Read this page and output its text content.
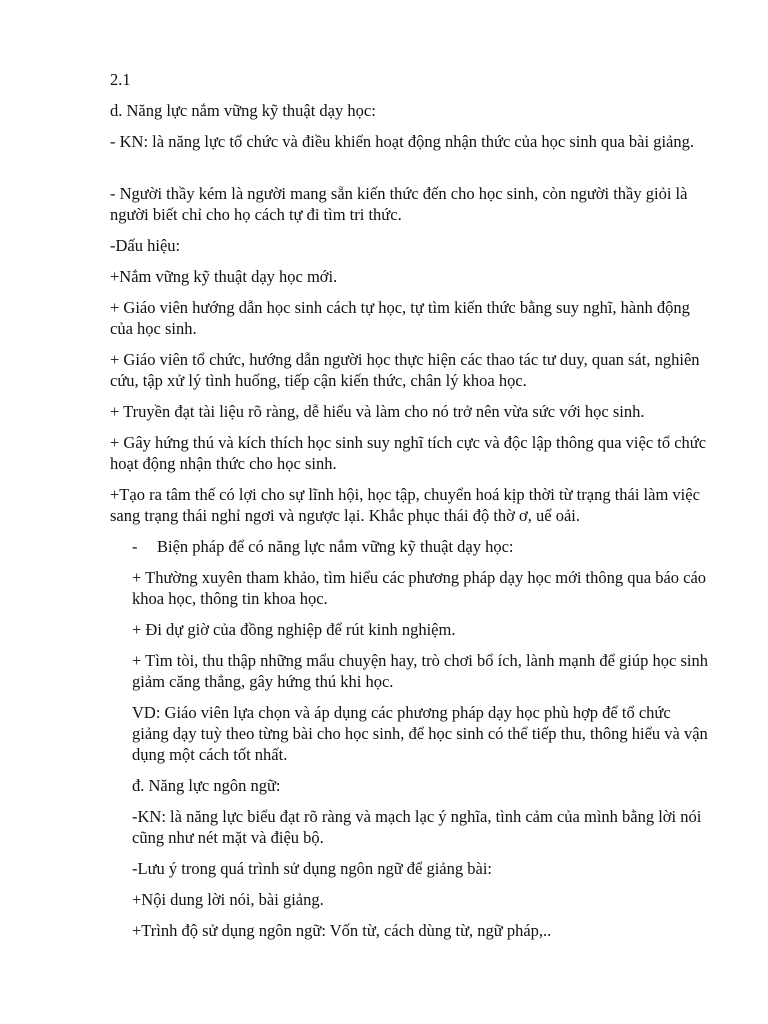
2.1

d. Năng lực nắm vững kỹ thuật dạy học:

- KN: là năng lực tổ chức và điều khiển hoạt động nhận thức của học sinh qua bài giảng.

- Người thầy kém là người mang sẵn kiến thức đến cho học sinh, còn người thầy giỏi là người biết chỉ cho họ cách tự đi tìm tri thức.

-Dấu hiệu:

+Nắm vững kỹ thuật dạy học mới.

+ Giáo viên hướng dẫn học sinh cách tự học, tự tìm kiến thức bằng suy nghĩ, hành động của học sinh.

+ Giáo viên tổ chức, hướng dẫn người học thực hiện các thao tác tư duy, quan sát, nghiên cứu, tập xử lý tình huống, tiếp cận kiến thức, chân lý khoa học.

+ Truyền đạt tài liệu rõ ràng, dễ hiểu và làm cho nó trở nên vừa sức với học sinh.

+ Gây hứng thú và kích thích học sinh suy nghĩ tích cực và độc lập thông qua việc tổ chức hoạt động nhận thức cho học sinh.

+Tạo ra tâm thế có lợi cho sự lĩnh hội, học tập, chuyển hoá kịp thời từ trạng thái làm việc sang trạng thái nghỉ ngơi và ngược lại. Khắc phục thái độ thờ ơ, uể oải.

-	Biện pháp để có năng lực nắm vững kỹ thuật dạy học:

+ Thường xuyên tham khảo, tìm hiểu các phương pháp dạy học mới thông qua báo cáo khoa học, thông tin khoa học.

+ Đi dự giờ của đồng nghiệp để rút kinh nghiệm.

+ Tìm tòi, thu thập những mẩu chuyện hay, trò chơi bổ ích, lành mạnh để giúp học sinh giảm căng thẳng, gây hứng thú khi học.

VD: Giáo viên lựa chọn và áp dụng các phương pháp dạy học phù hợp để tổ chức giảng dạy tuỳ theo từng bài cho học sinh, để học sinh có thể tiếp thu, thông hiểu và vận dụng một cách tốt nhất.

đ. Năng lực ngôn ngữ:

-KN: là năng lực biểu đạt rõ ràng và mạch lạc ý nghĩa, tình cảm của mình bằng lời nói cũng như nét mặt và điệu bộ.

-Lưu ý trong quá trình sử dụng ngôn ngữ để giảng bài:

+Nội dung lời nói, bài giảng.

+Trình độ sử dụng ngôn ngữ: Vốn từ, cách dùng từ, ngữ pháp,..
